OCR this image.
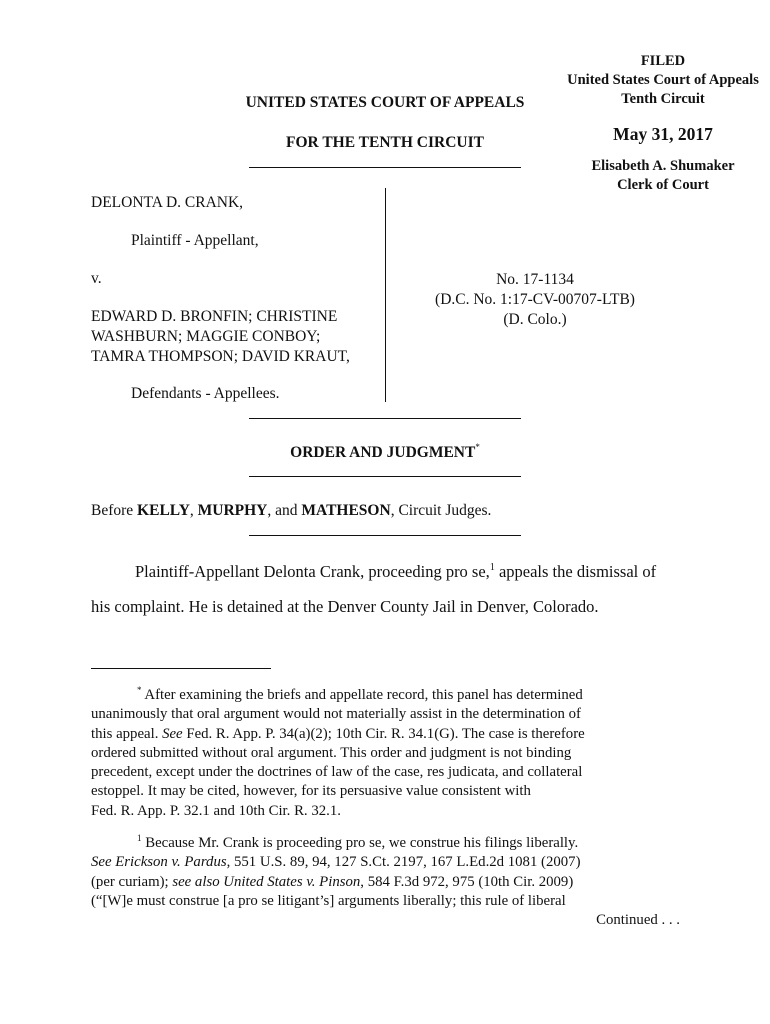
FILED
United States Court of Appeals
Tenth Circuit
May 31, 2017
Elisabeth A. Shumaker
Clerk of Court
UNITED STATES COURT OF APPEALS
FOR THE TENTH CIRCUIT
DELONTA D. CRANK,
Plaintiff - Appellant,
v.
EDWARD D. BRONFIN; CHRISTINE
WASHBURN; MAGGIE CONBOY;
TAMRA THOMPSON; DAVID KRAUT,
Defendants - Appellees.
No. 17-1134
(D.C. No. 1:17-CV-00707-LTB)
(D. Colo.)
ORDER AND JUDGMENT*
Before KELLY, MURPHY, and MATHESON, Circuit Judges.
Plaintiff-Appellant Delonta Crank, proceeding pro se,$^1$ appeals the dismissal of
his complaint. He is detained at the Denver County Jail in Denver, Colorado.
* After examining the briefs and appellate record, this panel has determined
unanimously that oral argument would not materially assist in the determination of
this appeal. See Fed. R. App. P. 34(a)(2); 10th Cir. R. 34.1(G). The case is therefore
ordered submitted without oral argument. This order and judgment is not binding
precedent, except under the doctrines of law of the case, res judicata, and collateral
estoppel. It may be cited, however, for its persuasive value consistent with
Fed. R. App. P. 32.1 and 10th Cir. R. 32.1.
$^1$ Because Mr. Crank is proceeding pro se, we construe his filings liberally.
See Erickson v. Pardus, 551 U.S. 89, 94, 127 S.Ct. 2197, 167 L.Ed.2d 1081 (2007)
(per curiam); see also United States v. Pinson, 584 F.3d 972, 975 (10th Cir. 2009)
(“[W]e must construe [a pro se litigant’s] arguments liberally; this rule of liberal
Continued . . .
